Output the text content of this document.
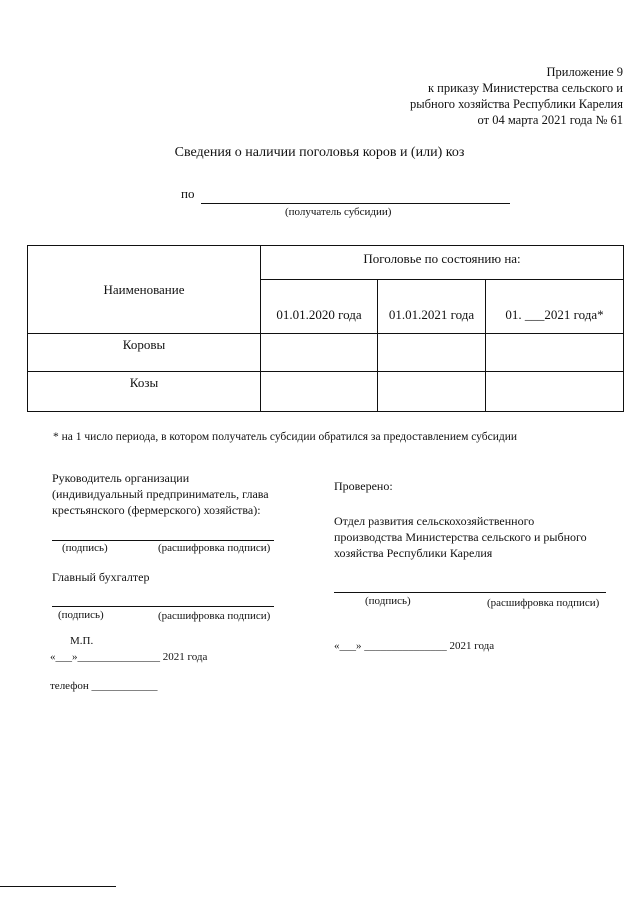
Приложение 9
к приказу Министерства сельского и
рыбного хозяйства Республики Карелия
от 04 марта 2021 года № 61
Сведения о наличии поголовья коров и (или) коз
по
(получатель субсидии)
Наименование	Поголовье по состоянию на:		
	01.01.2020 года	01.01.2021 года	01. ___2021 года*
Коровы			
Козы			
* на 1 число периода, в котором получатель субсидии обратился за предоставлением субсидии
Руководитель организации
(индивидуальный предприниматель, глава
крестьянского (фермерского) хозяйства):
(подпись)	(расшифровка подписи)
Главный бухгалтер
(подпись)	(расшифровка подписи)
М.П.
«___»_______________ 2021 года
телефон ____________
Проверено:
Отдел развития сельскохозяйственного
производства Министерства сельского и рыбного
хозяйства Республики Карелия
(подпись)	(расшифровка подписи)
«___» _______________ 2021 года
